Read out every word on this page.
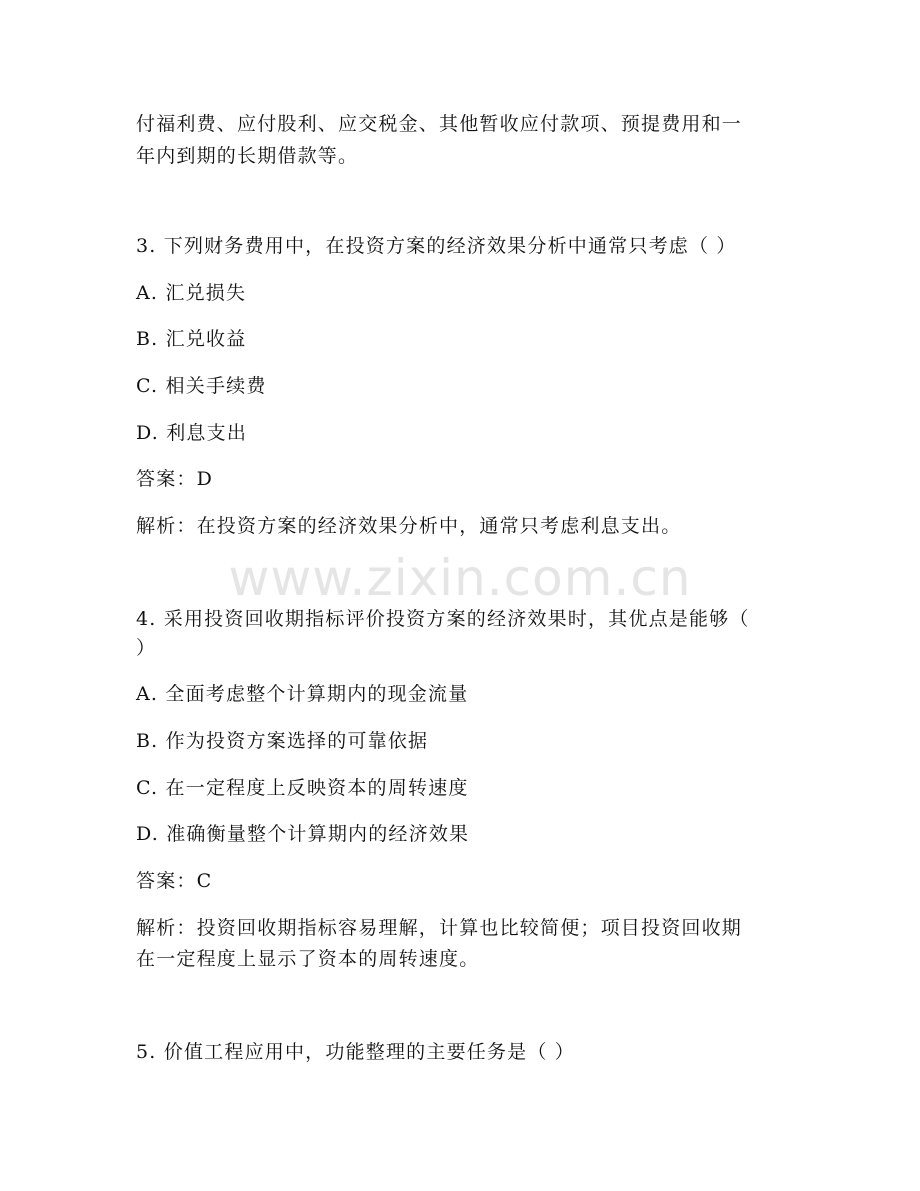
www.zixin.com.cn
付福利费、应付股利、应交税金、其他暂收应付款项、预提费用和一
年内到期的长期借款等。
3. 下列财务费用中，在投资方案的经济效果分析中通常只考虑（ ）
A. 汇兑损失
B. 汇兑收益
C. 相关手续费
D. 利息支出
答案：D
解析：在投资方案的经济效果分析中，通常只考虑利息支出。
4. 采用投资回收期指标评价投资方案的经济效果时，其优点是能够（
）
A. 全面考虑整个计算期内的现金流量
B. 作为投资方案选择的可靠依据
C. 在一定程度上反映资本的周转速度
D. 准确衡量整个计算期内的经济效果
答案：C
解析：投资回收期指标容易理解，计算也比较简便；项目投资回收期
在一定程度上显示了资本的周转速度。
5. 价值工程应用中，功能整理的主要任务是（ ）
